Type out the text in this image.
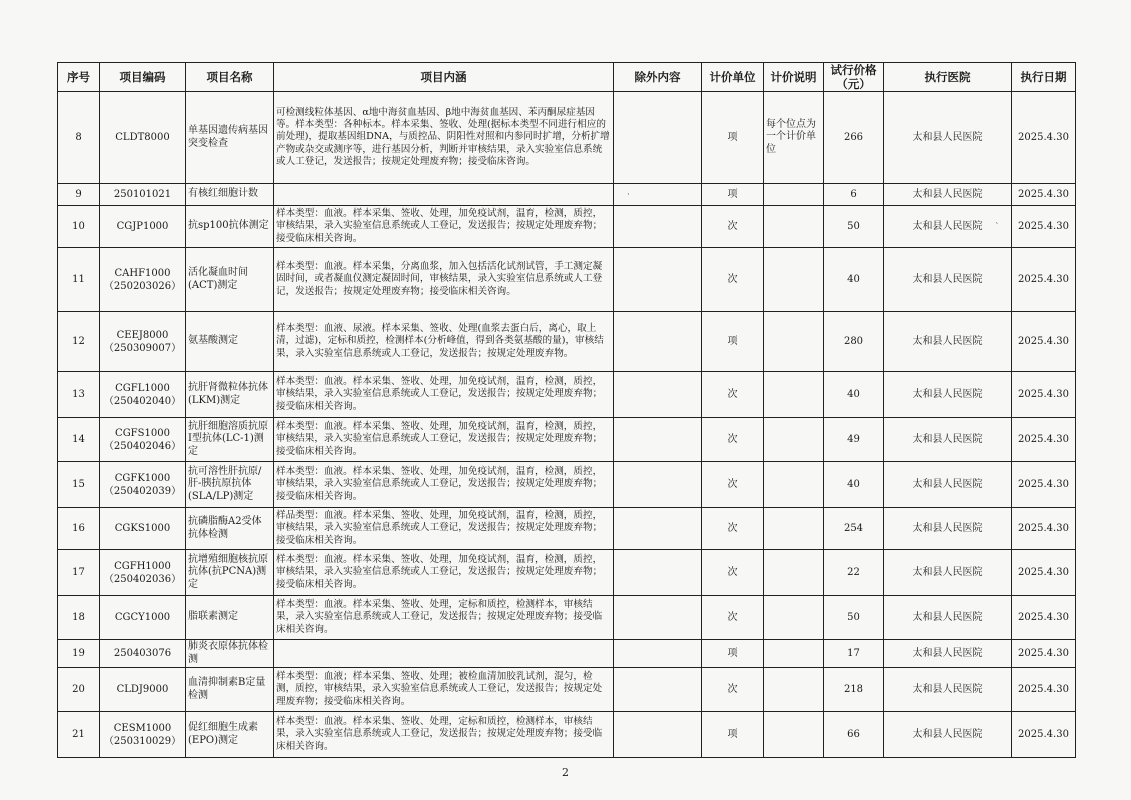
序号	项目编码	项目名称	项目内涵	除外内容	计价单位	计价说明	试行价格（元）	执行医院	执行日期
8	CLDT8000	单基因遗传病基因突变检查	可检测线粒体基因、α地中海贫血基因、β地中海贫血基因、苯丙酮尿症基因等。样本类型：各种标本。样本采集、签收、处理(据标本类型不同进行相应的前处理)，提取基因组DNA，与质控品、阴阳性对照和内参同时扩增，分析扩增产物或杂交或测序等，进行基因分析，判断并审核结果，录入实验室信息系统或人工登记，发送报告；按规定处理废弃物；接受临床咨询。		项	每个位点为一个计价单位	266	太和县人民医院	2025.4.30
9	250101021	有核红细胞计数			项		6	太和县人民医院	2025.4.30
10	CGJP1000	抗sp100抗体测定	样本类型：血液。样本采集、签收、处理，加免疫试剂，温育，检测，质控，审核结果，录入实验室信息系统或人工登记，发送报告；按规定处理废弃物；接受临床相关咨询。		次		50	太和县人民医院	2025.4.30
11	CAHF1000（250203026）	活化凝血时间(ACT)测定	样本类型：血液。样本采集，分离血浆，加入包括活化试剂试管，手工测定凝固时间，或者凝血仪测定凝固时间，审核结果，录入实验室信息系统或人工登记，发送报告；按规定处理废弃物；接受临床相关咨询。		次		40	太和县人民医院	2025.4.30
12	CEEJ8000（250309007）	氨基酸测定	样本类型：血液、尿液。样本采集、签收、处理(血浆去蛋白后，离心，取上清，过滤)，定标和质控，检测样本(分析峰值，得到各类氨基酸的量)，审核结果，录入实验室信息系统或人工登记，发送报告；按规定处理废弃物。		项		280	太和县人民医院	2025.4.30
13	CGFL1000（250402040）	抗肝肾微粒体抗体(LKM)测定	样本类型：血液。样本采集、签收、处理，加免疫试剂，温育，检测，质控，审核结果，录入实验室信息系统或人工登记，发送报告；按规定处理废弃物；接受临床相关咨询。		次		40	太和县人民医院	2025.4.30
14	CGFS1000（250402046）	抗肝细胞溶质抗原Ⅰ型抗体(LC-1)测定	样本类型：血液。样本采集、签收、处理，加免疫试剂，温育，检测，质控，审核结果，录入实验室信息系统或人工登记，发送报告；按规定处理废弃物；接受临床相关咨询。		次		49	太和县人民医院	2025.4.30
15	CGFK1000（250402039）	抗可溶性肝抗原/肝-胰抗原抗体(SLA/LP)测定	样本类型：血液。样本采集、签收、处理，加免疫试剂，温育，检测，质控，审核结果，录入实验室信息系统或人工登记，发送报告；按规定处理废弃物；接受临床相关咨询。		次		40	太和县人民医院	2025.4.30
16	CGKS1000	抗磷脂酶A2受体抗体检测	样品类型：血液。样本采集、签收、处理，加免疫试剂，温育，检测，质控，审核结果，录入实验室信息系统或人工登记，发送报告；按规定处理废弃物；接受临床相关咨询。		次		254	太和县人民医院	2025.4.30
17	CGFH1000（250402036）	抗增殖细胞核抗原抗体(抗PCNA)测定	样本类型：血液。样本采集、签收、处理，加免疫试剂，温育，检测，质控，审核结果，录入实验室信息系统或人工登记，发送报告；按规定处理废弃物；接受临床相关咨询。		次		22	太和县人民医院	2025.4.30
18	CGCY1000	脂联素测定	样本类型：血液。样本采集、签收、处理，定标和质控，检测样本，审核结果，录入实验室信息系统或人工登记，发送报告；按规定处理废弃物；接受临床相关咨询。		次		50	太和县人民医院	2025.4.30
19	250403076	肺炎衣原体抗体检测			项		17	太和县人民医院	2025.4.30
20	CLDJ9000	血清抑制素B定量检测	样本类型：血液；样本采集、签收、处理；被检血清加胶乳试剂，混匀，检测，质控，审核结果，录入实验室信息系统或人工登记，发送报告；按规定处理废弃物；接受临床相关咨询。		次		218	太和县人民医院	2025.4.30
21	CESM1000（250310029）	促红细胞生成素(EPO)测定	样本类型：血液。样本采集、签收、处理，定标和质控，检测样本，审核结果，录入实验室信息系统或人工登记，发送报告；按规定处理废弃物；接受临床相关咨询。		项		66	太和县人民医院	2025.4.30
·
`
2
